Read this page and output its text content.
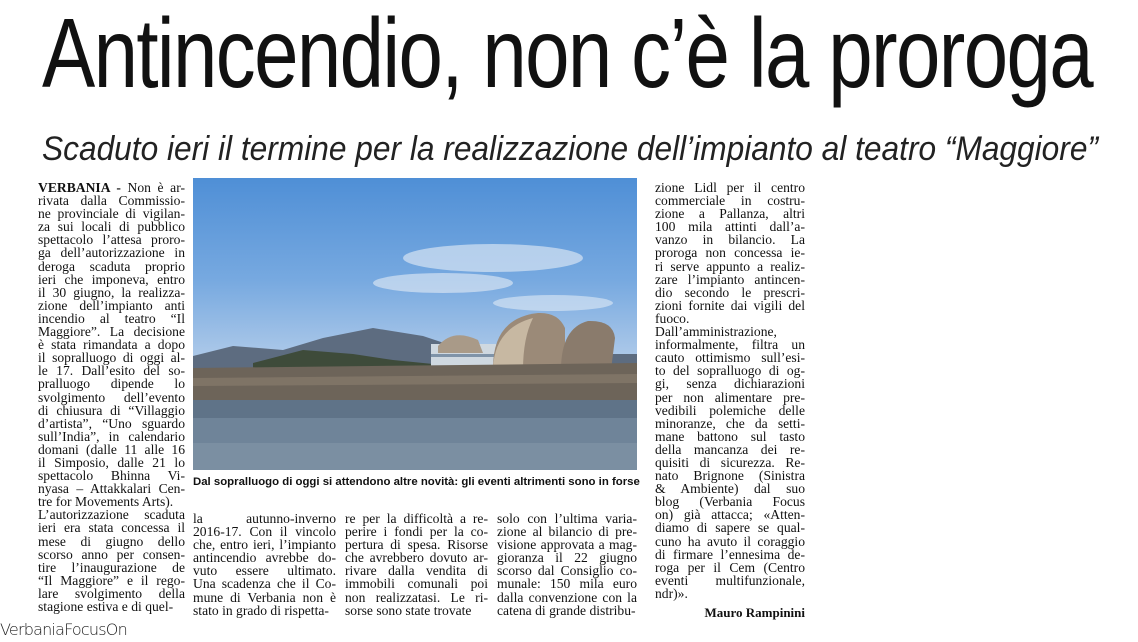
Antincendio, non c’è la proroga
Scaduto ieri il termine per la realizzazione dell’impianto al teatro “Maggiore”
VERBANIA - Non è ar-
rivata dalla Commissio-
ne provinciale di vigilan-
za sui locali di pubblico
spettacolo l’attesa proro-
ga dell’autorizzazione in
deroga scaduta proprio
ieri che imponeva, entro
il 30 giugno, la realizza-
zione dell’impianto anti
incendio al teatro “Il
Maggiore”. La decisione
è stata rimandata a dopo
il sopralluogo di oggi al-
le 17. Dall’esito del so-
pralluogo dipende lo
svolgimento dell’evento
di chiusura di “Villaggio
d’artista”, “Uno sguardo
sull’India”, in calendario
domani (dalle 11 alle 16
il Simposio, dalle 21 lo
spettacolo Bhinna Vi-
nyasa – Attakkalari Cen-
tre for Movements Arts).
L’autorizzazione scaduta
ieri era stata concessa il
mese di giugno dello
scorso anno per consen-
tire l’inaugurazione de
“Il Maggiore” e il rego-
lare svolgimento della
stagione estiva e di quel-
Dal sopralluogo di oggi si attendono altre novità: gli eventi altrimenti sono in forse
la autunno-inverno
2016-17. Con il vincolo
che, entro ieri, l’impianto
antincendio avrebbe do-
vuto essere ultimato.
Una scadenza che il Co-
mune di Verbania non è
stato in grado di rispetta-
re per la difficoltà a re-
perire i fondi per la co-
pertura di spesa. Risorse
che avrebbero dovuto ar-
rivare dalla vendita di
immobili comunali poi
non realizzatasi. Le ri-
sorse sono state trovate
solo con l’ultima varia-
zione al bilancio di pre-
visione approvata a mag-
gioranza il 22 giugno
scorso dal Consiglio co-
munale: 150 mila euro
dalla convenzione con la
catena di grande distribu-
zione Lidl per il centro
commerciale in costru-
zione a Pallanza, altri
100 mila attinti dall’a-
vanzo in bilancio. La
proroga non concessa ie-
ri serve appunto a realiz-
zare l’impianto antincen-
dio secondo le prescri-
zioni fornite dai vigili del
fuoco.
Dall’amministrazione,
informalmente, filtra un
cauto ottimismo sull’esi-
to del sopralluogo di og-
gi, senza dichiarazioni
per non alimentare pre-
vedibili polemiche delle
minoranze, che da setti-
mane battono sul tasto
della mancanza dei re-
quisiti di sicurezza. Re-
nato Brignone (Sinistra
& Ambiente) dal suo
blog (Verbania Focus
on) già attacca; «Atten-
diamo di sapere se qual-
cuno ha avuto il coraggio
di firmare l’ennesima de-
roga per il Cem (Centro
eventi multifunzionale,
ndr)».
Mauro Rampinini
VerbaniaFocusOn
